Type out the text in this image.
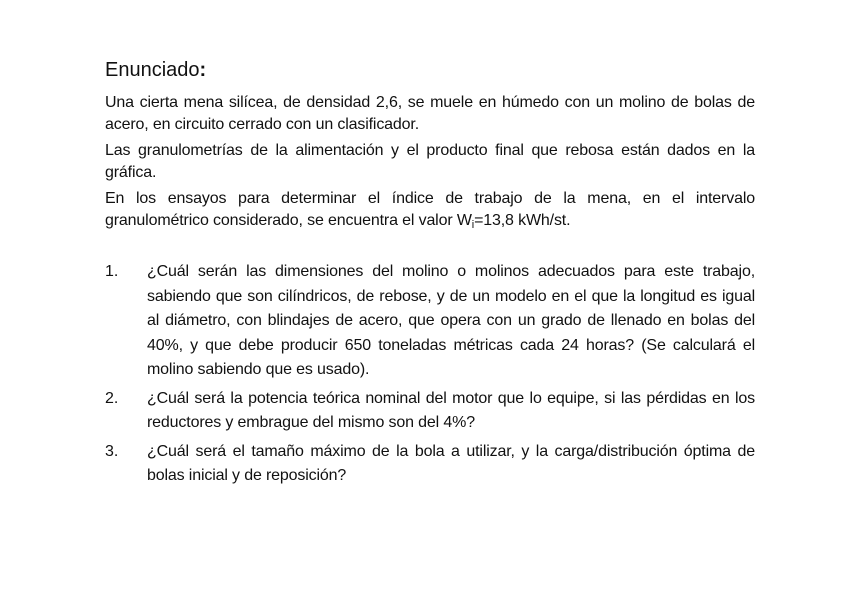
Enunciado:

Una cierta mena silícea, de densidad 2,6, se muele en húmedo con un molino de bolas de acero, en circuito cerrado con un clasificador.

Las granulometrías de la alimentación y el producto final que rebosa están dados en la gráfica.

En los ensayos para determinar el índice de trabajo de la mena, en el intervalo granulométrico considerado, se encuentra el valor $W_i=13,8$ kWh/st.

1. ¿Cuál serán las dimensiones del molino o molinos adecuados para este trabajo, sabiendo que son cilíndricos, de rebose, y de un modelo en el que la longitud es igual al diámetro, con blindajes de acero, que opera con un grado de llenado en bolas del 40%, y que debe producir 650 toneladas métricas cada 24 horas? (Se calculará el molino sabiendo que es usado).
2. ¿Cuál será la potencia teórica nominal del motor que lo equipe, si las pérdidas en los reductores y embrague del mismo son del 4%?
3. ¿Cuál será el tamaño máximo de la bola a utilizar, y la carga/distribución óptima de bolas inicial y de reposición?
